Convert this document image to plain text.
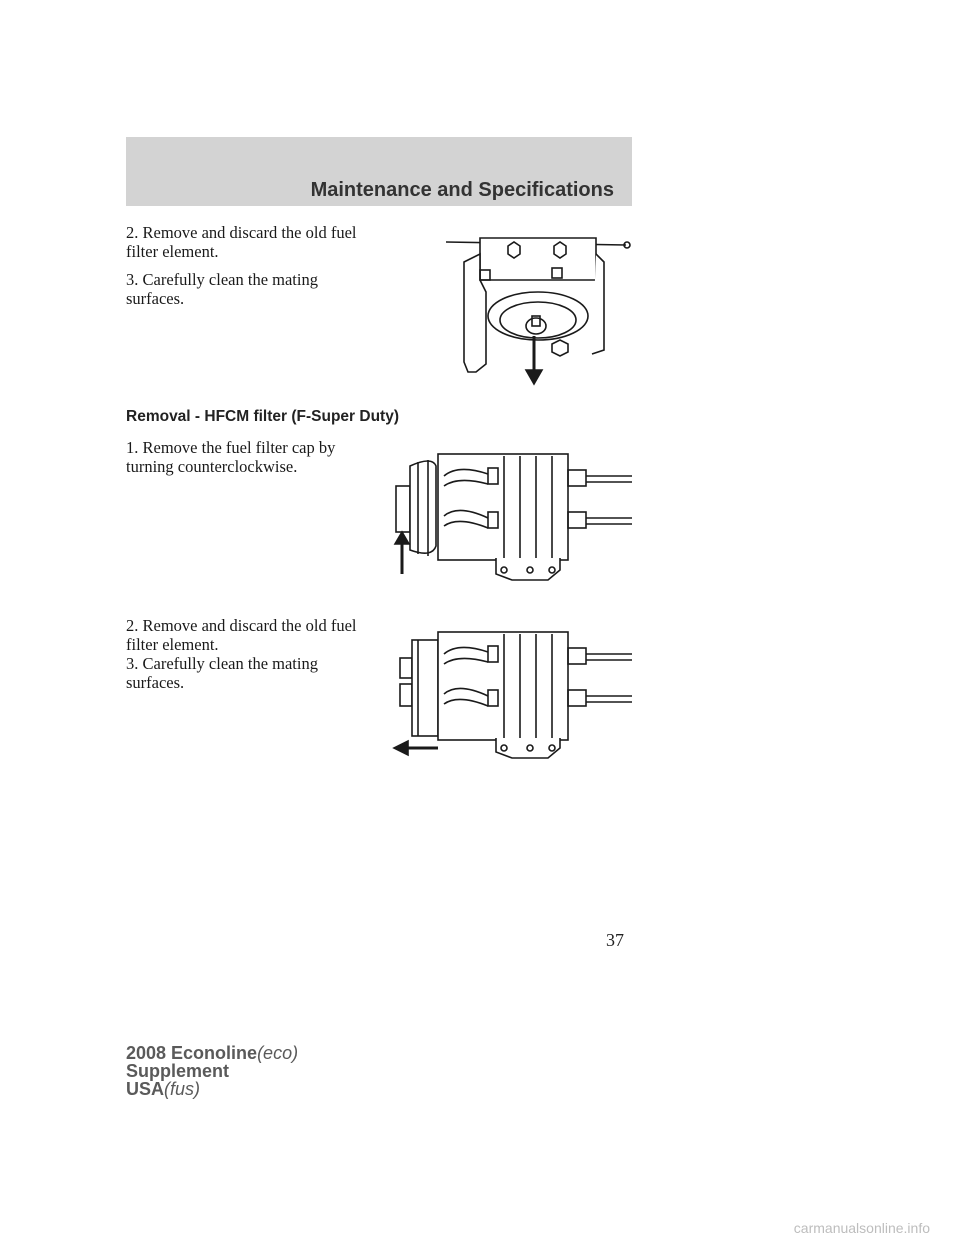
Maintenance and Specifications

2. Remove and discard the old fuel filter element.

3. Carefully clean the mating surfaces.

Removal - HFCM filter (F-Super Duty)

1. Remove the fuel filter cap by turning counterclockwise.

2. Remove and discard the old fuel filter element.

3. Carefully clean the mating surfaces.

37
2008 Econoline(eco)
Supplement
USA(fus)
carmanualsonline.info
